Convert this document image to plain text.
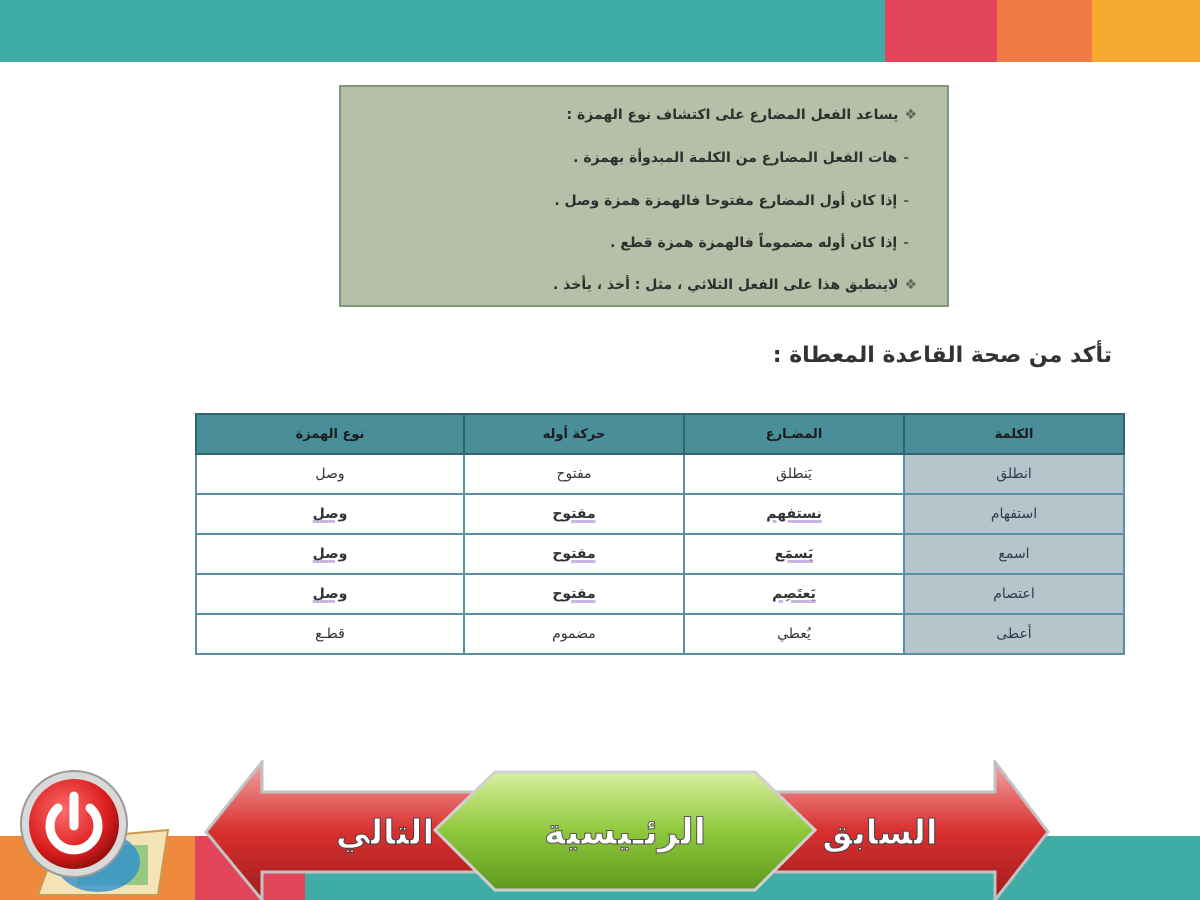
❖يساعد الفعل المضارع على اكتشاف نوع الهمزة :
-هات الفعل المضارع من الكلمة المبدوأة بهمزة .
-إذا كان أول المضارع مفتوحا فالهمزة همزة وصل .
-إذا كان أوله مضموماً فالهمزة همزة قطع .
❖لاينطبق هذا على الفعل الثلاثي ، مثل : أخذ ، يأخذ .
تأكد من صحة القاعدة المعطاة :
الكلمة	المضـارع	حركة أوله	نوع الهمزة
انطلق	يَنطلق	مفتوح	وصل
استفهام	نستفهم	مفتوح	وصل
اسمع	يَسمَع	مفتوح	وصل
اعتصام	يَعتَصِم	مفتوح	وصل
أعطى	يُعطي	مضموم	قطـع
التالي	السابق
الرئـيسية
